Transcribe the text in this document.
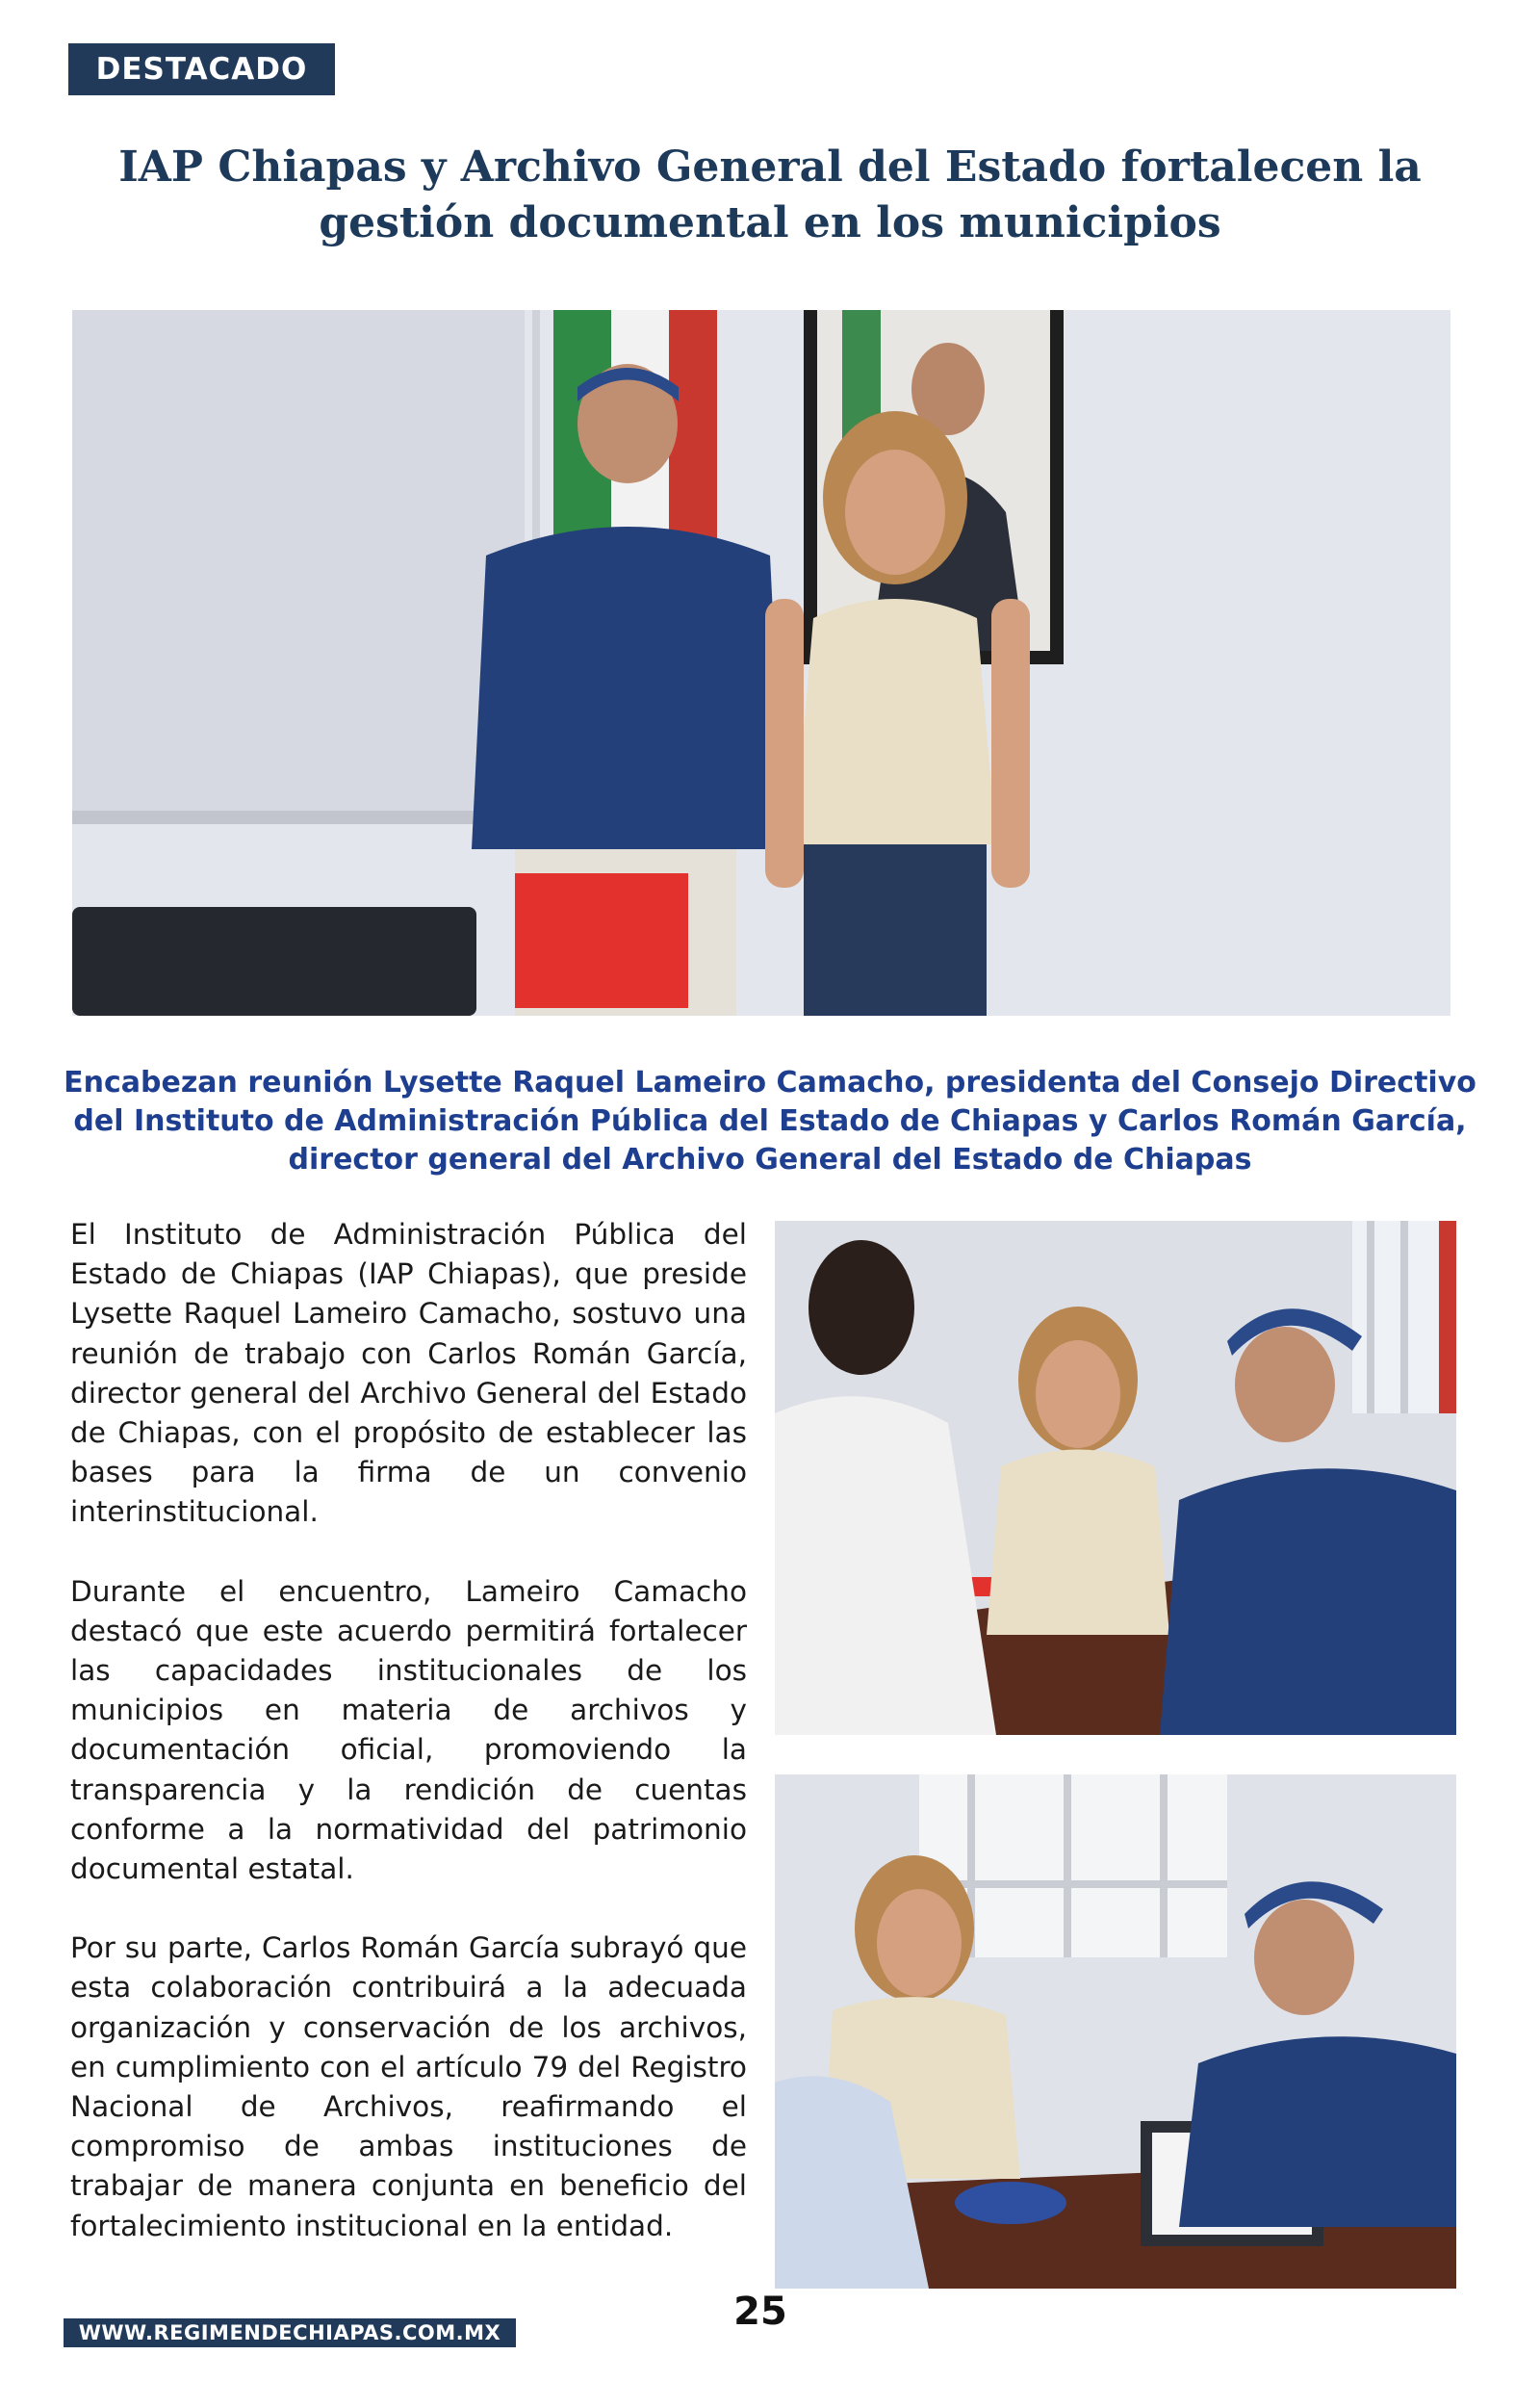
DESTACADO
IAP Chiapas y Archivo General del Estado fortalecen la gestión documental en los municipios
Encabezan reunión Lysette Raquel Lameiro Camacho, presidenta del Consejo Directivo del Instituto de Administración Pública del Estado de Chiapas y Carlos Román García, director general del Archivo General del Estado de Chiapas

El Instituto de Administración Pública del Estado de Chiapas (IAP Chiapas), que preside Lysette Raquel Lameiro Camacho, sostuvo una reunión de trabajo con Carlos Román García, director general del Archivo General del Estado de Chiapas, con el propósito de establecer las bases para la firma de un convenio interinstitucional.

Durante el encuentro, Lameiro Camacho destacó que este acuerdo permitirá fortalecer las capacidades institucionales de los municipios en materia de archivos y documentación oficial, promoviendo la transparencia y la rendición de cuentas conforme a la normatividad del patrimonio documental estatal.

Por su parte, Carlos Román García subrayó que esta colaboración contribuirá a la adecuada organización y conservación de los archivos, en cumplimiento con el artículo 79 del Registro Nacional de Archivos, reafirmando el compromiso de ambas instituciones de trabajar de manera conjunta en beneficio del fortalecimiento institucional en la entidad.

25
WWW.REGIMENDECHIAPAS.COM.MX
